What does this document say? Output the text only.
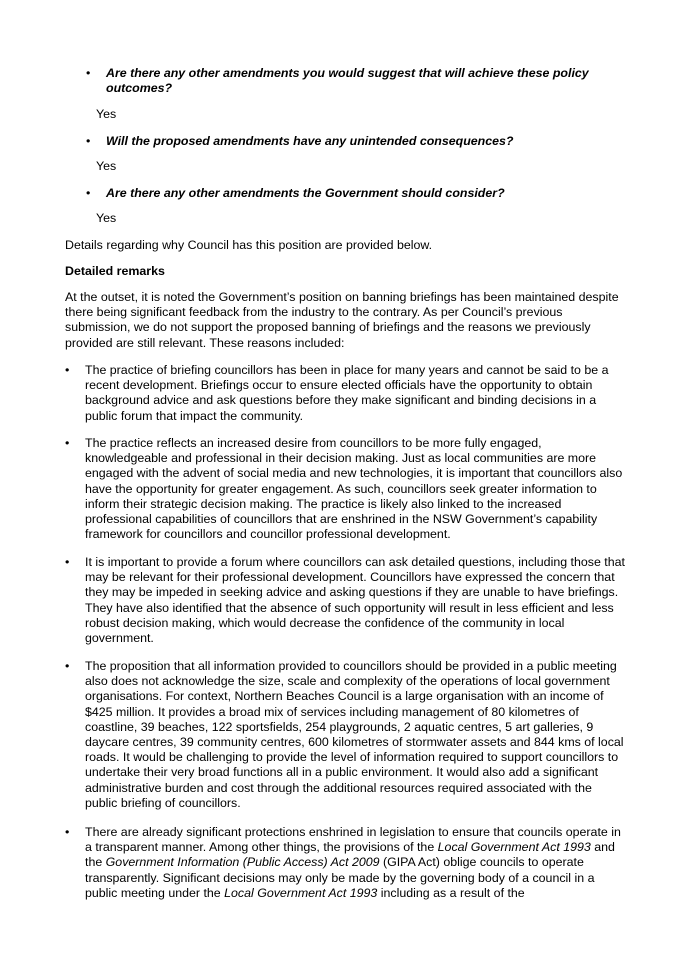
• Are there any other amendments you would suggest that will achieve these policy outcomes?
Yes
• Will the proposed amendments have any unintended consequences?
Yes
• Are there any other amendments the Government should consider?
Yes
Details regarding why Council has this position are provided below.
Detailed remarks
At the outset, it is noted the Government’s position on banning briefings has been maintained despite there being significant feedback from the industry to the contrary. As per Council’s previous submission, we do not support the proposed banning of briefings and the reasons we previously provided are still relevant. These reasons included:
• The practice of briefing councillors has been in place for many years and cannot be said to be a recent development. Briefings occur to ensure elected officials have the opportunity to obtain background advice and ask questions before they make significant and binding decisions in a public forum that impact the community.
• The practice reflects an increased desire from councillors to be more fully engaged, knowledgeable and professional in their decision making. Just as local communities are more engaged with the advent of social media and new technologies, it is important that councillors also have the opportunity for greater engagement. As such, councillors seek greater information to inform their strategic decision making. The practice is likely also linked to the increased professional capabilities of councillors that are enshrined in the NSW Government’s capability framework for councillors and councillor professional development.
• It is important to provide a forum where councillors can ask detailed questions, including those that may be relevant for their professional development. Councillors have expressed the concern that they may be impeded in seeking advice and asking questions if they are unable to have briefings. They have also identified that the absence of such opportunity will result in less efficient and less robust decision making, which would decrease the confidence of the community in local government.
• The proposition that all information provided to councillors should be provided in a public meeting also does not acknowledge the size, scale and complexity of the operations of local government organisations. For context, Northern Beaches Council is a large organisation with an income of $425 million. It provides a broad mix of services including management of 80 kilometres of coastline, 39 beaches, 122 sportsfields, 254 playgrounds, 2 aquatic centres, 5 art galleries, 9 daycare centres, 39 community centres, 600 kilometres of stormwater assets and 844 kms of local roads. It would be challenging to provide the level of information required to support councillors to undertake their very broad functions all in a public environment. It would also add a significant administrative burden and cost through the additional resources required associated with the public briefing of councillors.
• There are already significant protections enshrined in legislation to ensure that councils operate in a transparent manner. Among other things, the provisions of the Local Government Act 1993 and the Government Information (Public Access) Act 2009 (GIPA Act) oblige councils to operate transparently. Significant decisions may only be made by the governing body of a council in a public meeting under the Local Government Act 1993 including as a result of the
